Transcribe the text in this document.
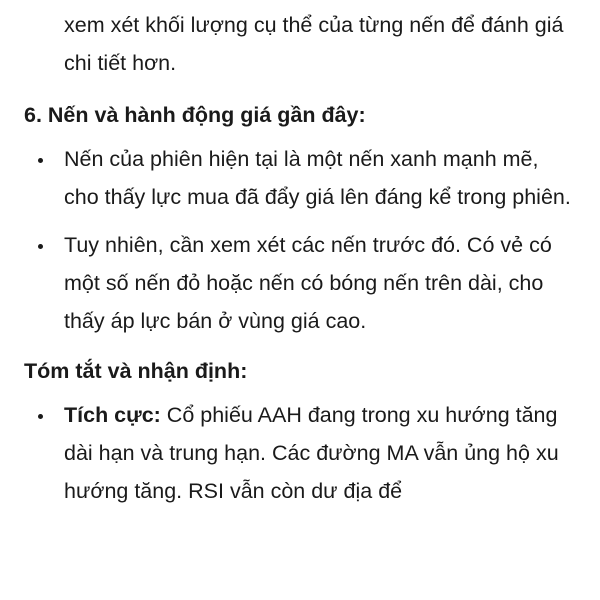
xem xét khối lượng cụ thể của từng nến để đánh giá chi tiết hơn.

6. Nến và hành động giá gần đây:
Nến của phiên hiện tại là một nến xanh mạnh mẽ, cho thấy lực mua đã đẩy giá lên đáng kể trong phiên.
Tuy nhiên, cần xem xét các nến trước đó. Có vẻ có một số nến đỏ hoặc nến có bóng nến trên dài, cho thấy áp lực bán ở vùng giá cao.
Tóm tắt và nhận định:
Tích cực: Cổ phiếu AAH đang trong xu hướng tăng dài hạn và trung hạn. Các đường MA vẫn ủng hộ xu hướng tăng. RSI vẫn còn dư địa để
